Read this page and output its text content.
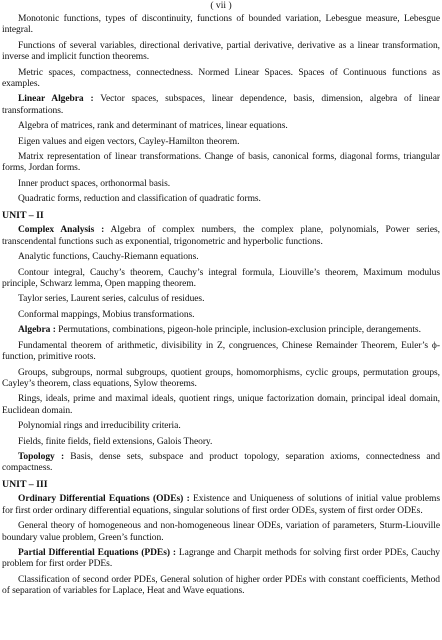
( vii )

Monotonic functions, types of discontinuity, functions of bounded variation, Lebesgue measure, Lebesgue integral.

Functions of several variables, directional derivative, partial derivative, derivative as a linear transformation, inverse and implicit function theorems.

Metric spaces, compactness, connectedness. Normed Linear Spaces. Spaces of Continuous functions as examples.

Linear Algebra : Vector spaces, subspaces, linear dependence, basis, dimension, algebra of linear transformations.

Algebra of matrices, rank and determinant of matrices, linear equations.

Eigen values and eigen vectors, Cayley-Hamilton theorem.

Matrix representation of linear transformations. Change of basis, canonical forms, diagonal forms, triangular forms, Jordan forms.

Inner product spaces, orthonormal basis.

Quadratic forms, reduction and classification of quadratic forms.

UNIT – II

Complex Analysis : Algebra of complex numbers, the complex plane, polynomials, Power series, transcendental functions such as exponential, trigonometric and hyperbolic functions.

Analytic functions, Cauchy-Riemann equations.

Contour integral, Cauchy’s theorem, Cauchy’s integral formula, Liouville’s theorem, Maximum modulus principle, Schwarz lemma, Open mapping theorem.

Taylor series, Laurent series, calculus of residues.

Conformal mappings, Mobius transformations.

Algebra : Permutations, combinations, pigeon-hole principle, inclusion-exclusion principle, derangements.

Fundamental theorem of arithmetic, divisibility in Z, congruences, Chinese Remainder Theorem, Euler’s ϕ- function, primitive roots.

Groups, subgroups, normal subgroups, quotient groups, homomorphisms, cyclic groups, permutation groups, Cayley’s theorem, class equations, Sylow theorems.

Rings, ideals, prime and maximal ideals, quotient rings, unique factorization domain, principal ideal domain, Euclidean domain.

Polynomial rings and irreducibility criteria.

Fields, finite fields, field extensions, Galois Theory.

Topology : Basis, dense sets, subspace and product topology, separation axioms, connectedness and compactness.

UNIT – III

Ordinary Differential Equations (ODEs) : Existence and Uniqueness of solutions of initial value problems for first order ordinary differential equations, singular solutions of first order ODEs, system of first order ODEs.

General theory of homogeneous and non-homogeneous linear ODEs, variation of parameters, Sturm-Liouville boundary value problem, Green’s function.

Partial Differential Equations (PDEs) : Lagrange and Charpit methods for solving first order PDEs, Cauchy problem for first order PDEs.

Classification of second order PDEs, General solution of higher order PDEs with constant coefficients, Method of separation of variables for Laplace, Heat and Wave equations.
